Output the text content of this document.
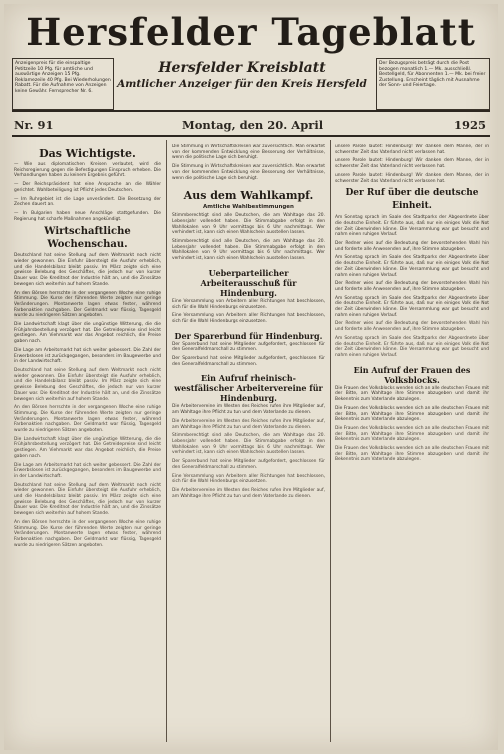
Hersfelder Tageblatt
Anzeigenpreis für die einspaltige Petitzeile 10 Pfg. für amtliche und auswärtige Anzeigen 15 Pfg. Reklamezeile 40 Pfg. Bei Wiederholungen Rabatt. Für die Aufnahme von Anzeigen keine Gewähr. Fernsprecher Nr. 6.
Der Bezugspreis beträgt durch die Post bezogen monatlich 1.— Mk. ausschließl. Bestellgeld, für Abonnenten 1.— Mk. bei freier Zustellung. Erscheint täglich mit Ausnahme der Sonn- und Feiertage.
Hersfelder Kreisblatt
Amtlicher Anzeiger für den Kreis Hersfeld
Nr. 91	Montag, den 20. April	1925
Das Wichtigste.

— Wie aus diplomatischen Kreisen verlautet, wird die Reichsregierung gegen die Befestigungen Einspruch erheben. Die Verhandlungen haben zu keinem Ergebnis geführt.

— Der Reichspräsident hat eine Ansprache an die Wähler gerichtet. Wahlbeteiligung ist Pflicht jedes Deutschen.

— Im Ruhrgebiet ist die Lage unverändert. Die Besetzung der Zechen dauert an.

— In Bulgarien haben neue Anschläge stattgefunden. Die Regierung hat scharfe Maßnahmen angekündigt.

Wirtschaftliche Wochenschau.

Deutschland hat seine Stellung auf dem Weltmarkt noch nicht wieder gewonnen. Die Einfuhr übersteigt die Ausfuhr erheblich, und die Handelsbilanz bleibt passiv. Im März zeigte sich eine gewisse Belebung des Geschäftes, die jedoch nur von kurzer Dauer war. Die Kreditnot der Industrie hält an, und die Zinssätze bewegen sich weiterhin auf hohem Stande.

An den Börsen herrschte in der vergangenen Woche eine ruhige Stimmung. Die Kurse der führenden Werte zeigten nur geringe Veränderungen. Montanwerte lagen etwas fester, während Farbenaktien nachgaben. Der Geldmarkt war flüssig, Tagesgeld wurde zu niedrigeren Sätzen angeboten.

Die Landwirtschaft klagt über die ungünstige Witterung, die die Frühjahrsbestellung verzögert hat. Die Getreidepreise sind leicht gestiegen. Am Viehmarkt war das Angebot reichlich, die Preise gaben nach.

Die Lage am Arbeitsmarkt hat sich weiter gebessert. Die Zahl der Erwerbslosen ist zurückgegangen, besonders im Baugewerbe und in der Landwirtschaft.

Deutschland hat seine Stellung auf dem Weltmarkt noch nicht wieder gewonnen. Die Einfuhr übersteigt die Ausfuhr erheblich, und die Handelsbilanz bleibt passiv. Im März zeigte sich eine gewisse Belebung des Geschäftes, die jedoch nur von kurzer Dauer war. Die Kreditnot der Industrie hält an, und die Zinssätze bewegen sich weiterhin auf hohem Stande.

An den Börsen herrschte in der vergangenen Woche eine ruhige Stimmung. Die Kurse der führenden Werte zeigten nur geringe Veränderungen. Montanwerte lagen etwas fester, während Farbenaktien nachgaben. Der Geldmarkt war flüssig, Tagesgeld wurde zu niedrigeren Sätzen angeboten.

Die Landwirtschaft klagt über die ungünstige Witterung, die die Frühjahrsbestellung verzögert hat. Die Getreidepreise sind leicht gestiegen. Am Viehmarkt war das Angebot reichlich, die Preise gaben nach.

Die Lage am Arbeitsmarkt hat sich weiter gebessert. Die Zahl der Erwerbslosen ist zurückgegangen, besonders im Baugewerbe und in der Landwirtschaft.

Deutschland hat seine Stellung auf dem Weltmarkt noch nicht wieder gewonnen. Die Einfuhr übersteigt die Ausfuhr erheblich, und die Handelsbilanz bleibt passiv. Im März zeigte sich eine gewisse Belebung des Geschäftes, die jedoch nur von kurzer Dauer war. Die Kreditnot der Industrie hält an, und die Zinssätze bewegen sich weiterhin auf hohem Stande.

An den Börsen herrschte in der vergangenen Woche eine ruhige Stimmung. Die Kurse der führenden Werte zeigten nur geringe Veränderungen. Montanwerte lagen etwas fester, während Farbenaktien nachgaben. Der Geldmarkt war flüssig, Tagesgeld wurde zu niedrigeren Sätzen angeboten.

Die Stimmung in Wirtschaftskreisen war zuversichtlich. Man erwartet von der kommenden Entwicklung eine Besserung der Verhältnisse, wenn die politische Lage sich beruhigt.

Die Stimmung in Wirtschaftskreisen war zuversichtlich. Man erwartet von der kommenden Entwicklung eine Besserung der Verhältnisse, wenn die politische Lage sich beruhigt.

Aus dem Wahlkampf.
Amtliche Wahlbestimmungen

Stimmberechtigt sind alle Deutschen, die am Wahltage das 20. Lebensjahr vollendet haben. Die Stimmabgabe erfolgt in den Wahllokalen von 9 Uhr vormittags bis 6 Uhr nachmittags. Wer verhindert ist, kann sich einen Wahlschein ausstellen lassen.

Stimmberechtigt sind alle Deutschen, die am Wahltage das 20. Lebensjahr vollendet haben. Die Stimmabgabe erfolgt in den Wahllokalen von 9 Uhr vormittags bis 6 Uhr nachmittags. Wer verhindert ist, kann sich einen Wahlschein ausstellen lassen.

Ueberparteilicher Arbeiterausschuß für Hindenburg.

Eine Versammlung von Arbeitern aller Richtungen hat beschlossen, sich für die Wahl Hindenburgs einzusetzen.

Eine Versammlung von Arbeitern aller Richtungen hat beschlossen, sich für die Wahl Hindenburgs einzusetzen.

Der Sparerbund für Hindenburg.

Der Sparerbund hat seine Mitglieder aufgefordert, geschlossen für den Generalfeldmarschall zu stimmen.

Der Sparerbund hat seine Mitglieder aufgefordert, geschlossen für den Generalfeldmarschall zu stimmen.

Ein Aufruf rheinisch-westfälischer Arbeitervereine für Hindenburg.

Die Arbeitervereine im Westen des Reiches rufen ihre Mitglieder auf, am Wahltage ihre Pflicht zu tun und dem Vaterlande zu dienen.

Die Arbeitervereine im Westen des Reiches rufen ihre Mitglieder auf, am Wahltage ihre Pflicht zu tun und dem Vaterlande zu dienen.

Stimmberechtigt sind alle Deutschen, die am Wahltage das 20. Lebensjahr vollendet haben. Die Stimmabgabe erfolgt in den Wahllokalen von 9 Uhr vormittags bis 6 Uhr nachmittags. Wer verhindert ist, kann sich einen Wahlschein ausstellen lassen.

Der Sparerbund hat seine Mitglieder aufgefordert, geschlossen für den Generalfeldmarschall zu stimmen.

Eine Versammlung von Arbeitern aller Richtungen hat beschlossen, sich für die Wahl Hindenburgs einzusetzen.

Die Arbeitervereine im Westen des Reiches rufen ihre Mitglieder auf, am Wahltage ihre Pflicht zu tun und dem Vaterlande zu dienen.

unsere Parole lautet: Hindenburg! Wir danken dem Manne, der in schwerster Zeit das Vaterland nicht verlassen hat.

unsere Parole lautet: Hindenburg! Wir danken dem Manne, der in schwerster Zeit das Vaterland nicht verlassen hat.

unsere Parole lautet: Hindenburg! Wir danken dem Manne, der in schwerster Zeit das Vaterland nicht verlassen hat.

Der Ruf über die deutsche Einheit.

Am Sonntag sprach im Saale des Stadtparks der Abgeordnete über die deutsche Einheit. Er führte aus, daß nur ein einiges Volk die Not der Zeit überwinden könne. Die Versammlung war gut besucht und nahm einen ruhigen Verlauf.

Der Redner wies auf die Bedeutung der bevorstehenden Wahl hin und forderte alle Anwesenden auf, ihre Stimme abzugeben.

Am Sonntag sprach im Saale des Stadtparks der Abgeordnete über die deutsche Einheit. Er führte aus, daß nur ein einiges Volk die Not der Zeit überwinden könne. Die Versammlung war gut besucht und nahm einen ruhigen Verlauf.

Der Redner wies auf die Bedeutung der bevorstehenden Wahl hin und forderte alle Anwesenden auf, ihre Stimme abzugeben.

Am Sonntag sprach im Saale des Stadtparks der Abgeordnete über die deutsche Einheit. Er führte aus, daß nur ein einiges Volk die Not der Zeit überwinden könne. Die Versammlung war gut besucht und nahm einen ruhigen Verlauf.

Der Redner wies auf die Bedeutung der bevorstehenden Wahl hin und forderte alle Anwesenden auf, ihre Stimme abzugeben.

Am Sonntag sprach im Saale des Stadtparks der Abgeordnete über die deutsche Einheit. Er führte aus, daß nur ein einiges Volk die Not der Zeit überwinden könne. Die Versammlung war gut besucht und nahm einen ruhigen Verlauf.

Ein Aufruf der Frauen des Volksblocks.

Die Frauen des Volksblocks wenden sich an alle deutschen Frauen mit der Bitte, am Wahltage ihre Stimme abzugeben und damit ihr Bekenntnis zum Vaterlande abzulegen.

Die Frauen des Volksblocks wenden sich an alle deutschen Frauen mit der Bitte, am Wahltage ihre Stimme abzugeben und damit ihr Bekenntnis zum Vaterlande abzulegen.

Die Frauen des Volksblocks wenden sich an alle deutschen Frauen mit der Bitte, am Wahltage ihre Stimme abzugeben und damit ihr Bekenntnis zum Vaterlande abzulegen.

Die Frauen des Volksblocks wenden sich an alle deutschen Frauen mit der Bitte, am Wahltage ihre Stimme abzugeben und damit ihr Bekenntnis zum Vaterlande abzulegen.
